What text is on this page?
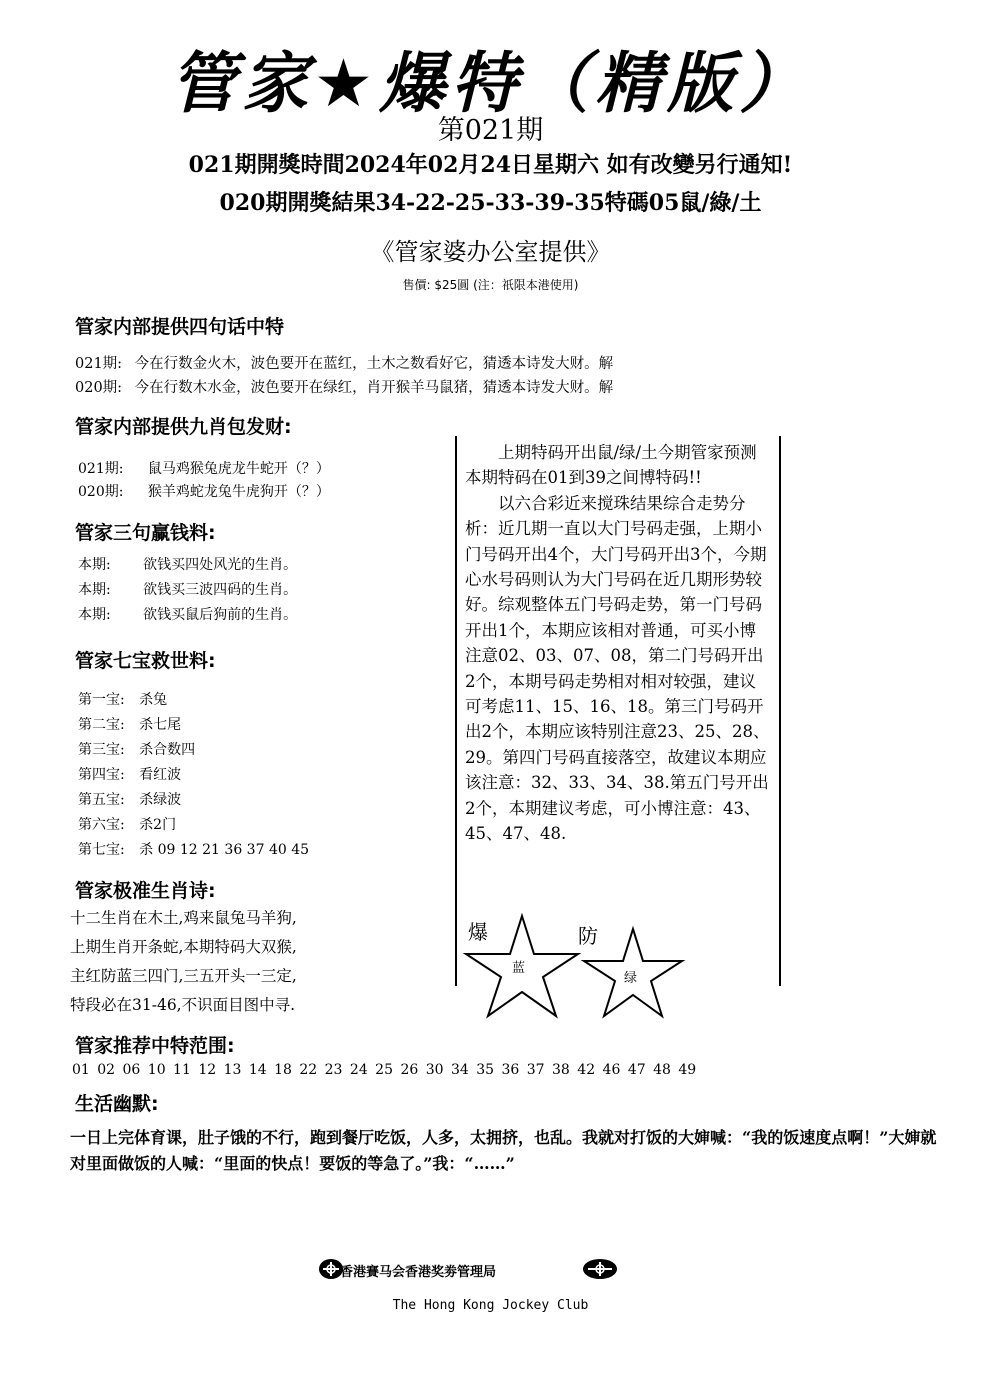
管家★爆特（精版）
第021期
021期開獎時間2024年02月24日星期六 如有改變另行通知!
020期開獎結果34-22-25-33-39-35特碼05鼠/綠/土
《管家婆办公室提供》
售價: $25圓 (注：祇限本港使用)
管家内部提供四句话中特
021期: 今在行数金火木，波色要开在蓝红，土木之数看好它，猜透本诗发大财。解
020期: 今在行数木水金，波色要开在绿红，肖开猴羊马鼠猪，猜透本诗发大财。解
管家内部提供九肖包发财:
021期: 鼠马鸡猴兔虎龙牛蛇开（？）
020期: 猴羊鸡蛇龙兔牛虎狗开（？）
管家三句赢钱料:
本期: 欲钱买四处风光的生肖。
本期: 欲钱买三波四码的生肖。
本期: 欲钱买鼠后狗前的生肖。
管家七宝救世料:
第一宝: 杀兔
第二宝: 杀七尾
第三宝: 杀合数四
第四宝: 看红波
第五宝: 杀绿波
第六宝: 杀2门
第七宝: 杀 09 12 21 36 37 40 45
管家极准生肖诗:
十二生肖在木土,鸡来鼠兔马羊狗,
上期生肖开条蛇,本期特码大双猴,
主红防蓝三四门,三五开头一三定,
特段必在31-46,不识面目图中寻.

上期特码开出鼠/绿/土今期管家预测本期特码在01到39之间博特码!!

以六合彩近来搅珠结果综合走势分析：近几期一直以大门号码走强，上期小门号码开出4个，大门号码开出3个，今期心水号码则认为大门号码在近几期形势较好。综观整体五门号码走势，第一门号码开出1个，本期应该相对普通，可买小博注意02、03、07、08，第二门号码开出2个，本期号码走势相对相对较强，建议可考虑11、15、16、18。第三门号码开出2个，本期应该特别注意23、25、28、29。第四门号码直接落空，故建议本期应该注意：32、33、34、38.第五门号开出2个，本期建议考虑，可小博注意：43、45、47、48.

爆	防
蓝
绿
管家推荐中特范围:
01 02 06 10 11 12 13 14 18 22 23 24 25 26 30 34 35 36 37 38 42 46 47 48 49
生活幽默:
一日上完体育课，肚子饿的不行，跑到餐厅吃饭，人多，太拥挤，也乱。我就对打饭的大婶喊：“我的饭速度点啊！”大婶就对里面做饭的人喊：“里面的快点！要饭的等急了。”我：“……”
香港賽马会香港奖劵管理局
The Hong Kong Jockey Club
